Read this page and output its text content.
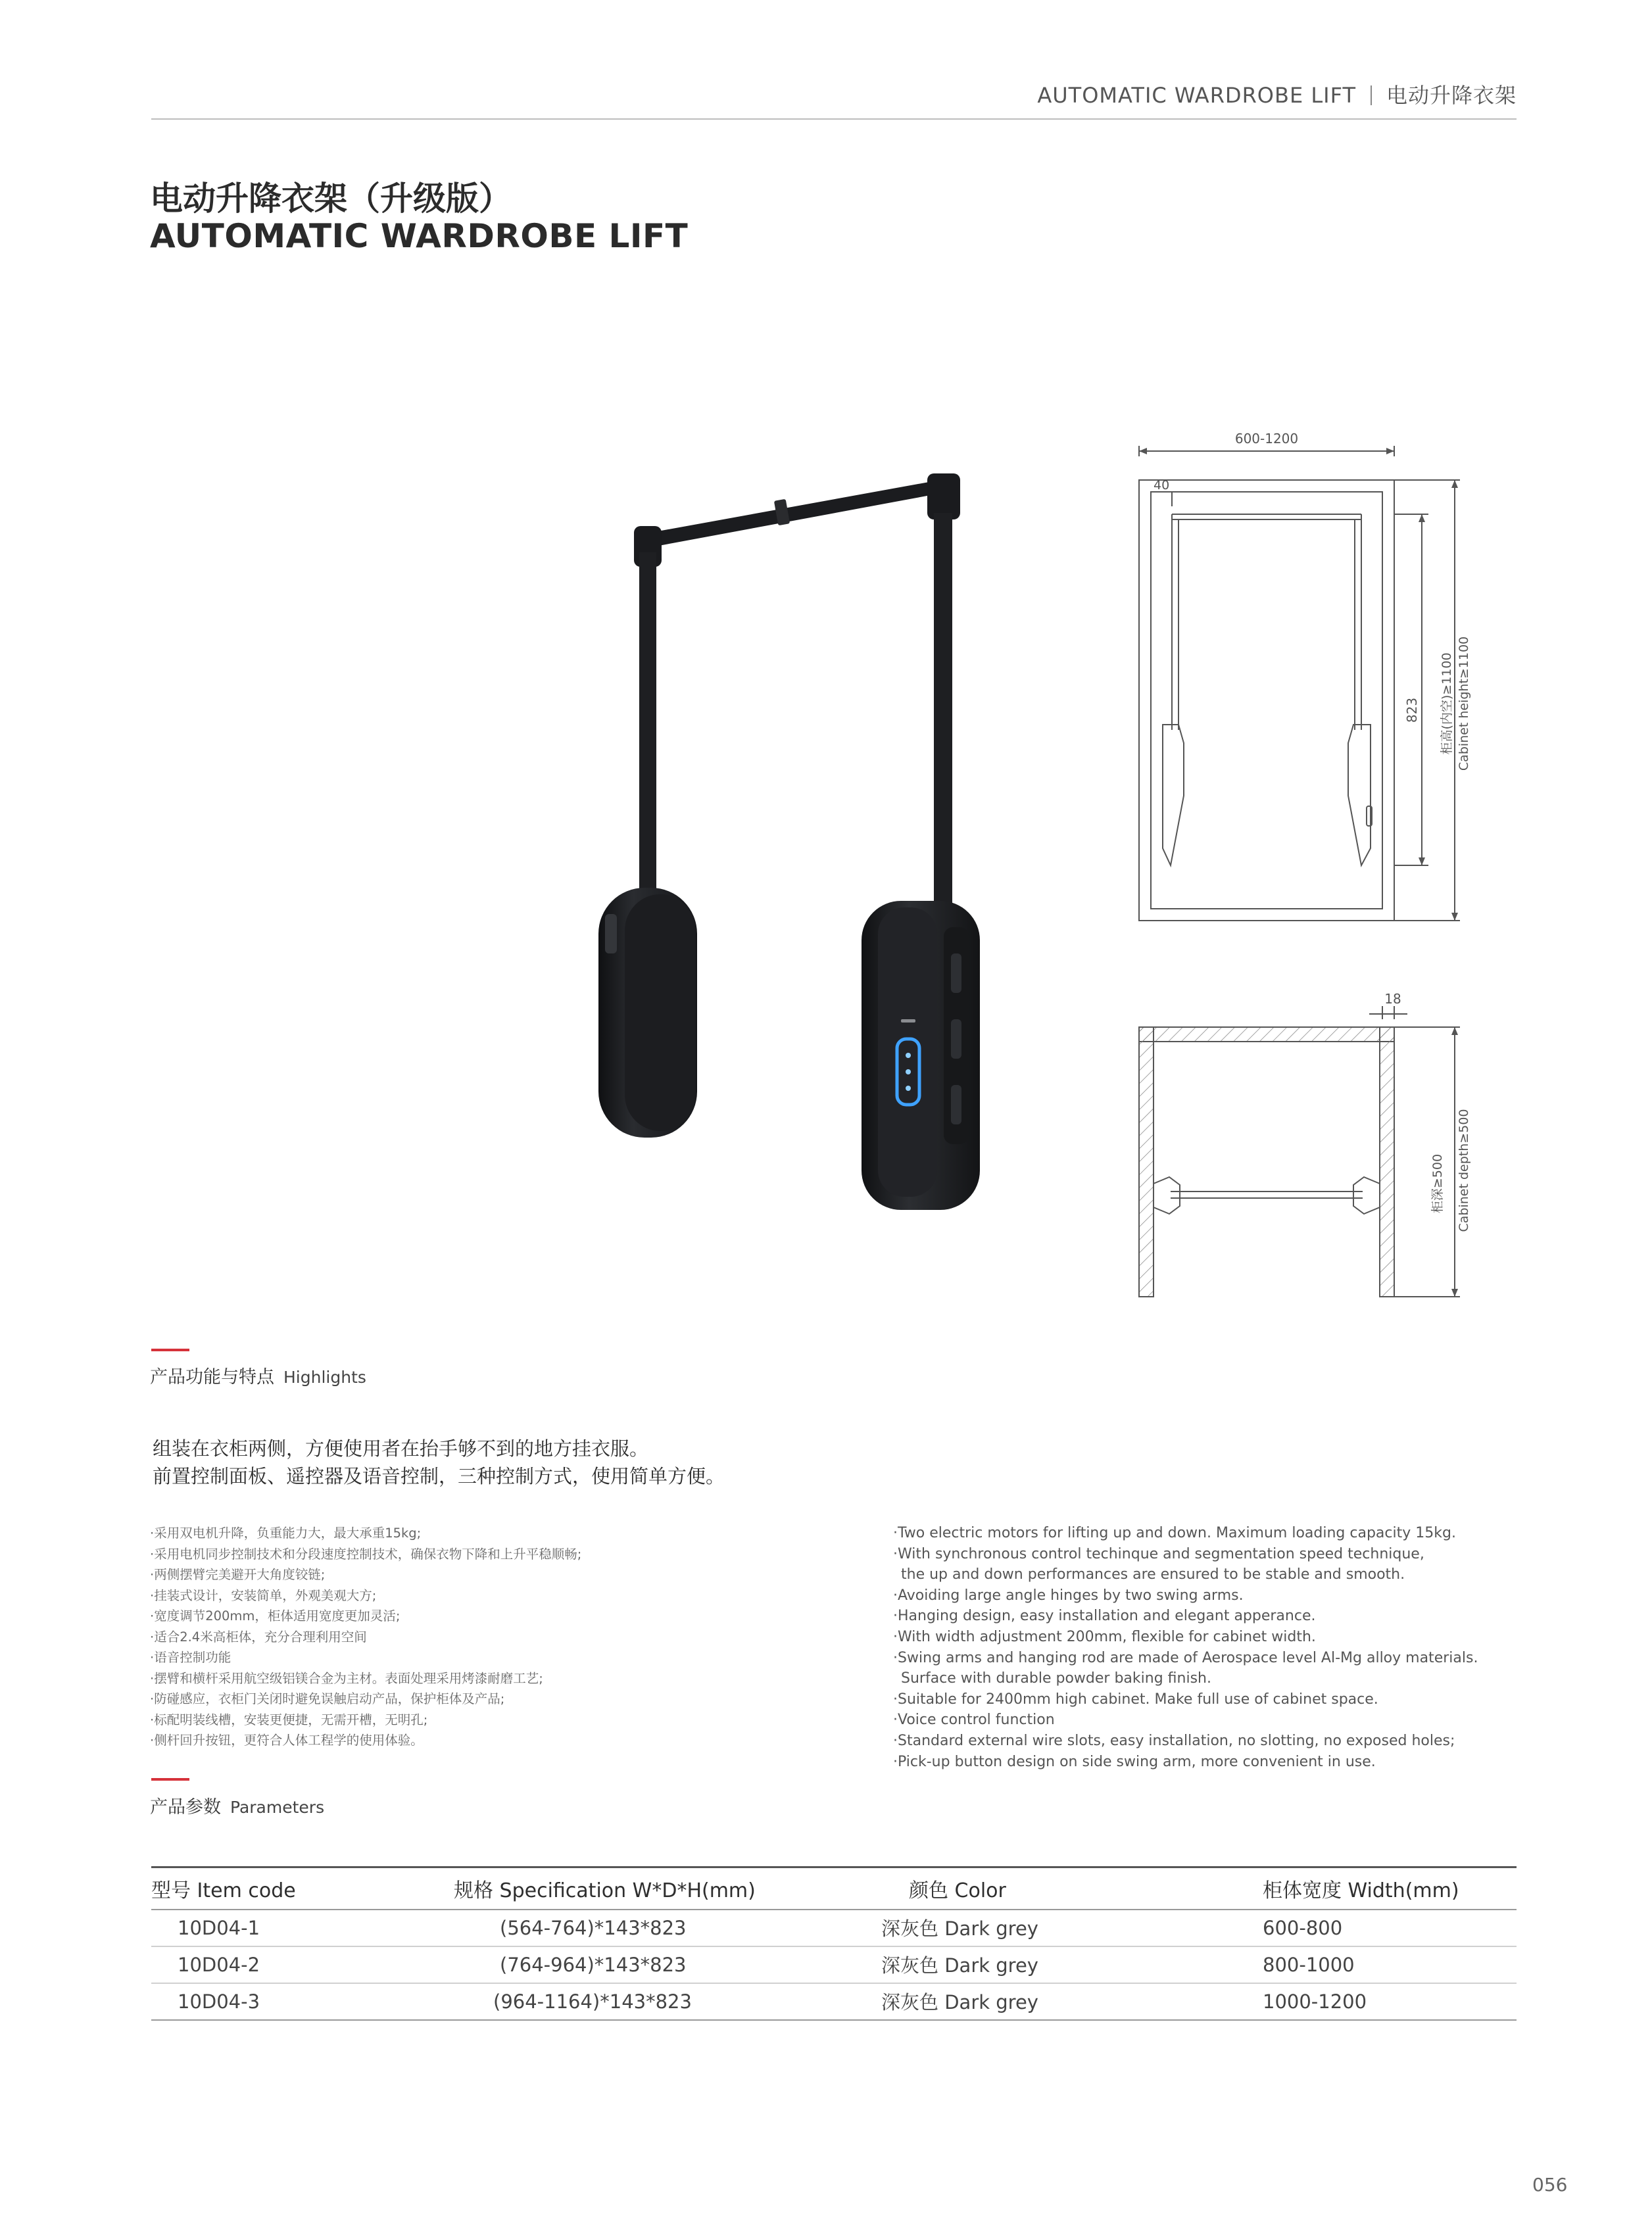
AUTOMATIC WARDROBE LIFT 电动升降衣架
电动升降衣架（升级版）
AUTOMATIC WARDROBE LIFT
600-1200
40
823 柜高(内空)≥1100 Cabinet height≥1100
18
柜深≥500 Cabinet depth≥500
产品功能与特点 Highlights
组装在衣柜两侧，方便使用者在抬手够不到的地方挂衣服。
前置控制面板、遥控器及语音控制，三种控制方式，使用简单方便。
·采用双电机升降，负重能力大，最大承重15kg;
·采用电机同步控制技术和分段速度控制技术，确保衣物下降和上升平稳顺畅;
·两侧摆臂完美避开大角度铰链;
·挂装式设计，安装简单，外观美观大方;
·宽度调节200mm，柜体适用宽度更加灵活;
·适合2.4米高柜体，充分合理利用空间
·语音控制功能
·摆臂和横杆采用航空级铝镁合金为主材。表面处理采用烤漆耐磨工艺;
·防碰感应，衣柜门关闭时避免误触启动产品，保护柜体及产品;
·标配明装线槽，安装更便捷，无需开槽，无明孔;
·侧杆回升按钮，更符合人体工程学的使用体验。
·Two electric motors for lifting up and down. Maximum loading capacity 15kg.
·With synchronous control techinque and segmentation speed technique,
the up and down performances are ensured to be stable and smooth.
·Avoiding large angle hinges by two swing arms.
·Hanging design, easy installation and elegant apperance.
·With width adjustment 200mm, flexible for cabinet width.
·Swing arms and hanging rod are made of Aerospace level Al-Mg alloy materials.
Surface with durable powder baking finish.
·Suitable for 2400mm high cabinet. Make full use of cabinet space.
·Voice control function
·Standard external wire slots, easy installation, no slotting, no exposed holes;
·Pick-up button design on side swing arm, more convenient in use.
产品参数 Parameters
型号 Item code	规格 Specification W*D*H(mm)	颜色 Color	柜体宽度 Width(mm)
10D04-1	(564-764)*143*823	深灰色 Dark grey	600-800
10D04-2	(764-964)*143*823	深灰色 Dark grey	800-1000
10D04-3	(964-1164)*143*823	深灰色 Dark grey	1000-1200
056
